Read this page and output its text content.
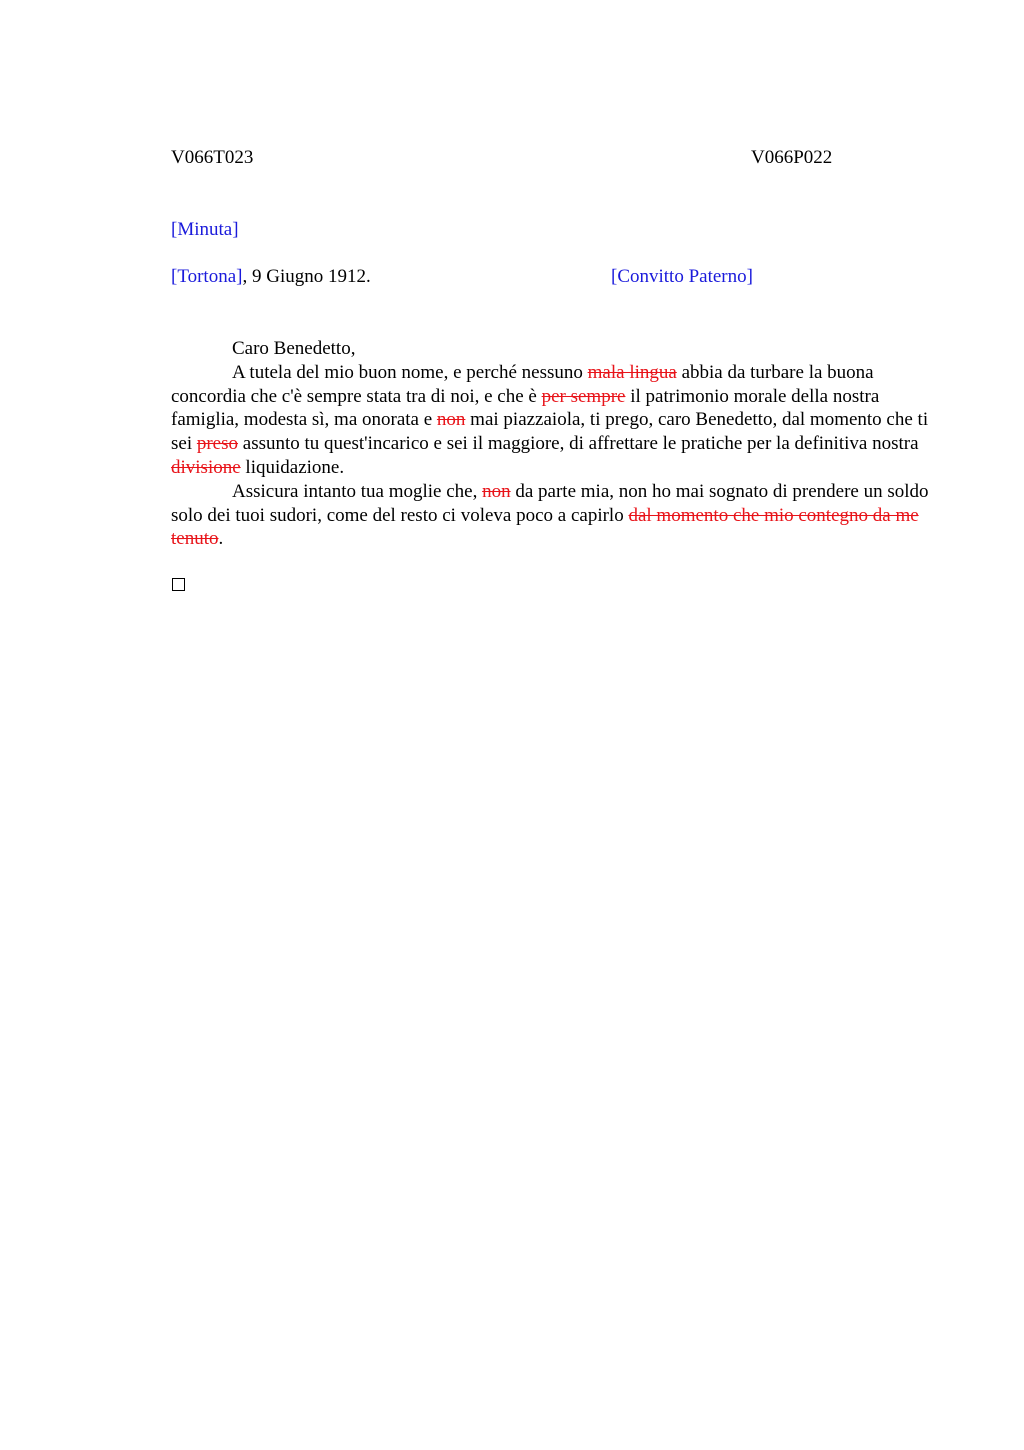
V066T023	V066P022
[Minuta]
[Tortona], 9 Giugno 1912.	[Convitto Paterno]

Caro Benedetto,

A tutela del mio buon nome, e perché nessuno mala lingua abbia da turbare la buona concordia che c'è sempre stata tra di noi, e che è per sempre il patrimonio morale della nostra famiglia, modesta sì, ma onorata e non mai piazzaiola, ti prego, caro Benedetto, dal momento che ti sei preso assunto tu quest'incarico e sei il maggiore, di affrettare le pratiche per la definitiva nostra divisione liquidazione.

Assicura intanto tua moglie che, non da parte mia, non ho mai sognato di prendere un soldo solo dei tuoi sudori, come del resto ci voleva poco a capirlo dal momento che mio contegno da me tenuto.
